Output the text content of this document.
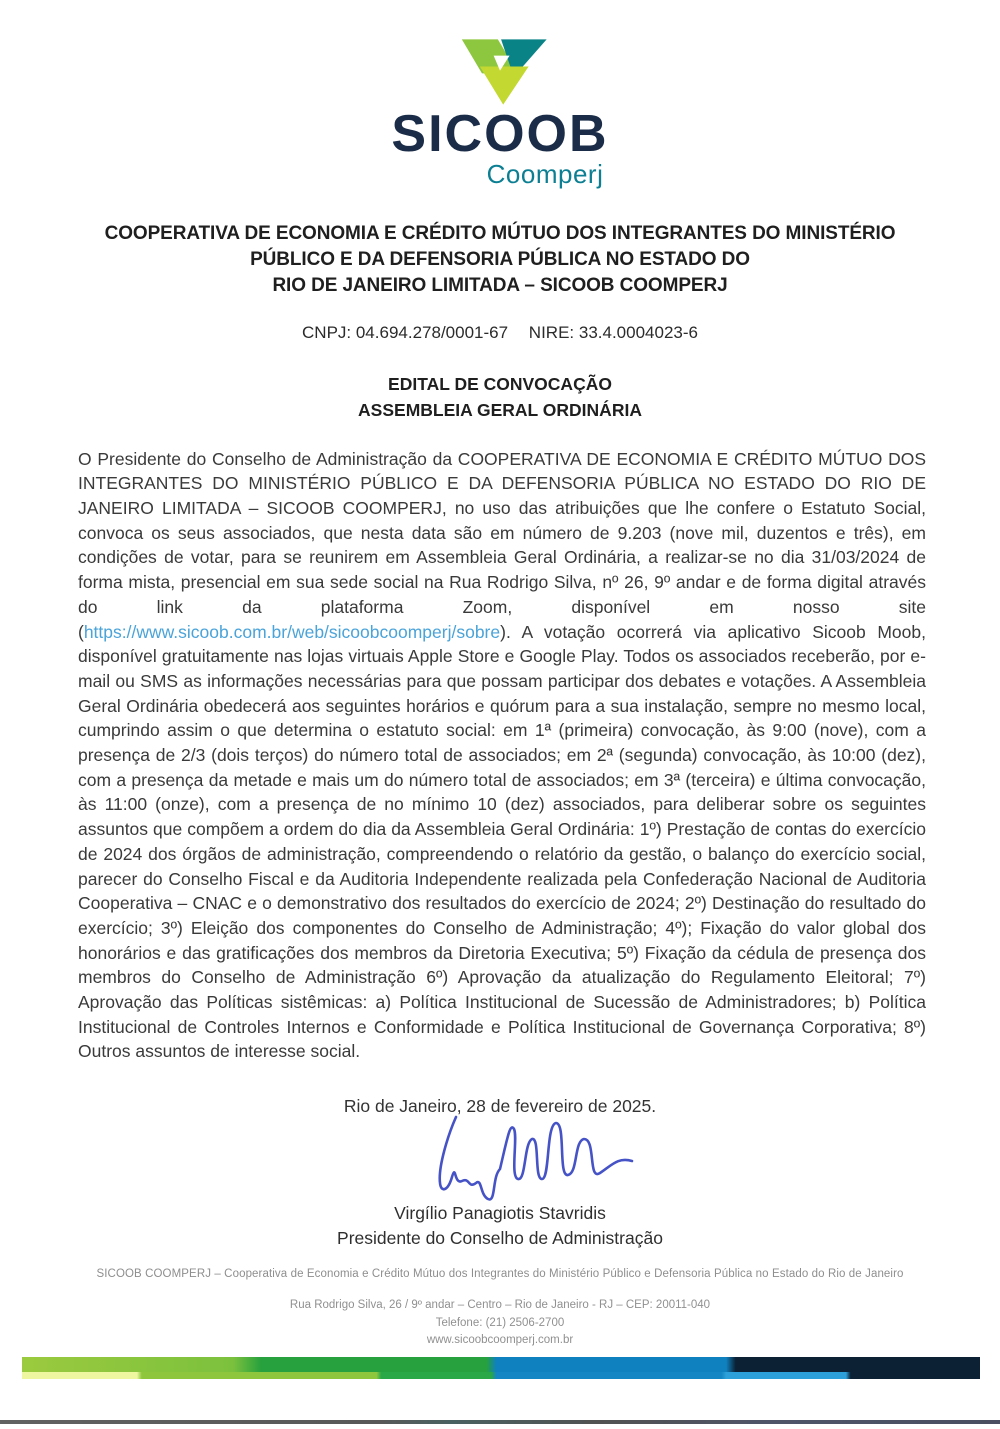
SICOOB
Coomperj
COOPERATIVA DE ECONOMIA E CRÉDITO MÚTUO DOS INTEGRANTES DO MINISTÉRIO
PÚBLICO E DA DEFENSORIA PÚBLICA NO ESTADO DO
RIO DE JANEIRO LIMITADA – SICOOB COOMPERJ
CNPJ: 04.694.278/0001-67 NIRE: 33.4.0004023-6
EDITAL DE CONVOCAÇÃO
ASSEMBLEIA GERAL ORDINÁRIA

O Presidente do Conselho de Administração da COOPERATIVA DE ECONOMIA E CRÉDITO MÚTUO DOS INTEGRANTES DO MINISTÉRIO PÚBLICO E DA DEFENSORIA PÚBLICA NO ESTADO DO RIO DE JANEIRO LIMITADA – SICOOB COOMPERJ, no uso das atribuições que lhe confere o Estatuto Social, convoca os seus associados, que nesta data são em número de 9.203 (nove mil, duzentos e três), em condições de votar, para se reunirem em Assembleia Geral Ordinária, a realizar-se no dia 31/03/2024 de forma mista, presencial em sua sede social na Rua Rodrigo Silva, nº 26, 9º andar e de forma digital através do link da plataforma Zoom, disponível em nosso site (https://www.sicoob.com.br/web/sicoobcoomperj/sobre). A votação ocorrerá via aplicativo Sicoob Moob, disponível gratuitamente nas lojas virtuais Apple Store e Google Play. Todos os associados receberão, por e-mail ou SMS as informações necessárias para que possam participar dos debates e votações. A Assembleia Geral Ordinária obedecerá aos seguintes horários e quórum para a sua instalação, sempre no mesmo local, cumprindo assim o que determina o estatuto social: em 1ª (primeira) convocação, às 9:00 (nove), com a presença de 2/3 (dois terços) do número total de associados; em 2ª (segunda) convocação, às 10:00 (dez), com a presença da metade e mais um do número total de associados; em 3ª (terceira) e última convocação, às 11:00 (onze), com a presença de no mínimo 10 (dez) associados, para deliberar sobre os seguintes assuntos que compõem a ordem do dia da Assembleia Geral Ordinária: 1º) Prestação de contas do exercício de 2024 dos órgãos de administração, compreendendo o relatório da gestão, o balanço do exercício social, parecer do Conselho Fiscal e da Auditoria Independente realizada pela Confederação Nacional de Auditoria Cooperativa – CNAC e o demonstrativo dos resultados do exercício de 2024; 2º) Destinação do resultado do exercício; 3º) Eleição dos componentes do Conselho de Administração; 4º); Fixação do valor global dos honorários e das gratificações dos membros da Diretoria Executiva; 5º) Fixação da cédula de presença dos membros do Conselho de Administração 6º) Aprovação da atualização do Regulamento Eleitoral; 7º) Aprovação das Políticas sistêmicas: a) Política Institucional de Sucessão de Administradores; b) Política Institucional de Controles Internos e Conformidade e Política Institucional de Governança Corporativa; 8º) Outros assuntos de interesse social.

Rio de Janeiro, 28 de fevereiro de 2025.

Virgílio Panagiotis Stavridis
Presidente do Conselho de Administração
SICOOB COOMPERJ – Cooperativa de Economia e Crédito Mútuo dos Integrantes do Ministério Público e Defensoria Pública no Estado do Rio de Janeiro
Rua Rodrigo Silva, 26 / 9º andar – Centro – Rio de Janeiro - RJ – CEP: 20011-040
Telefone: (21) 2506-2700
www.sicoobcoomperj.com.br
